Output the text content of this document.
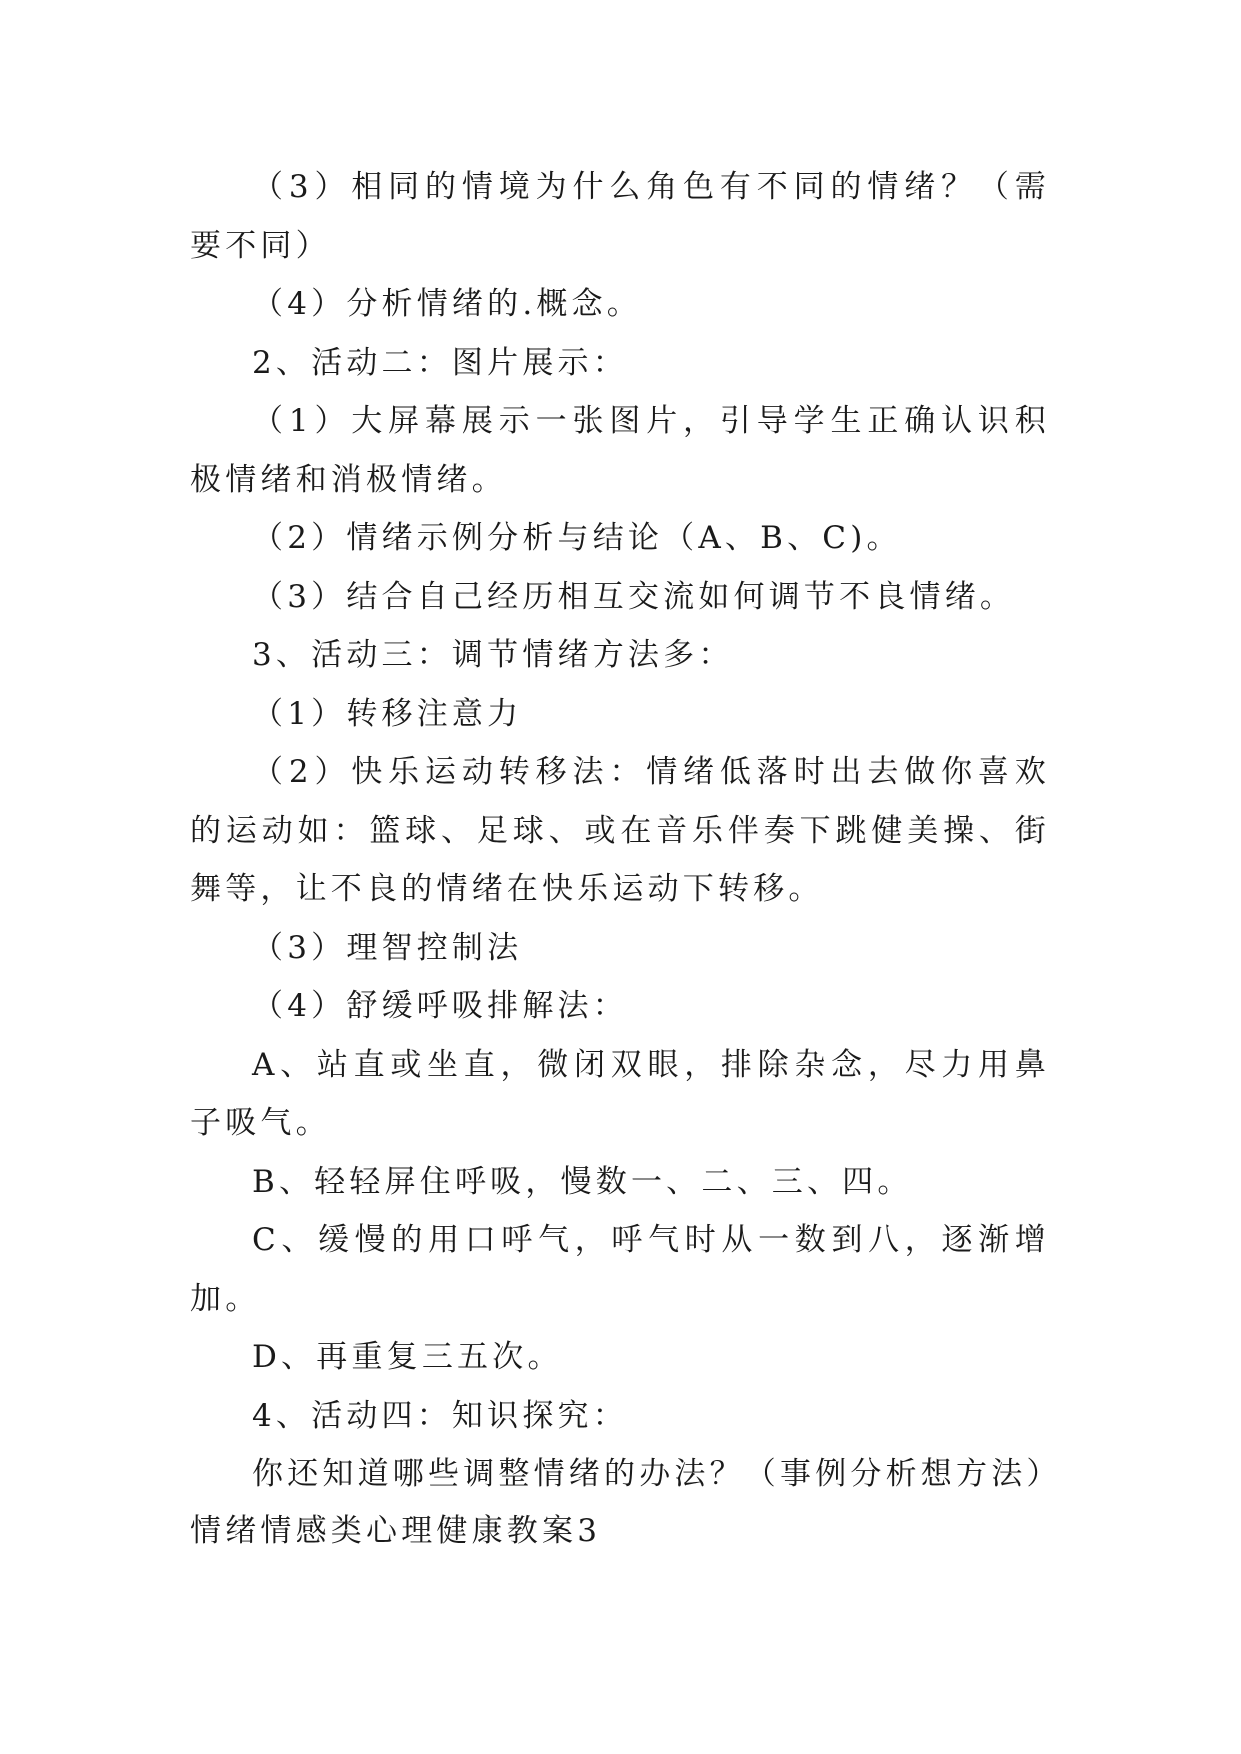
（3）相同的情境为什么角色有不同的情绪？（需要不同）

（4）分析情绪的.概念。

2、活动二：图片展示：

（1）大屏幕展示一张图片，引导学生正确认识积极情绪和消极情绪。

（2）情绪示例分析与结论（A、B、C)。

（3）结合自己经历相互交流如何调节不良情绪。

3、活动三：调节情绪方法多：

（1）转移注意力

（2）快乐运动转移法：情绪低落时出去做你喜欢的运动如：篮球、足球、或在音乐伴奏下跳健美操、街舞等，让不良的情绪在快乐运动下转移。

（3）理智控制法

（4）舒缓呼吸排解法：

A、站直或坐直，微闭双眼，排除杂念，尽力用鼻子吸气。

B、轻轻屏住呼吸，慢数一、二、三、四。

C、缓慢的用口呼气，呼气时从一数到八，逐渐增加。

D、再重复三五次。

4、活动四：知识探究：

你还知道哪些调整情绪的办法？（事例分析想方法）

情绪情感类心理健康教案3
